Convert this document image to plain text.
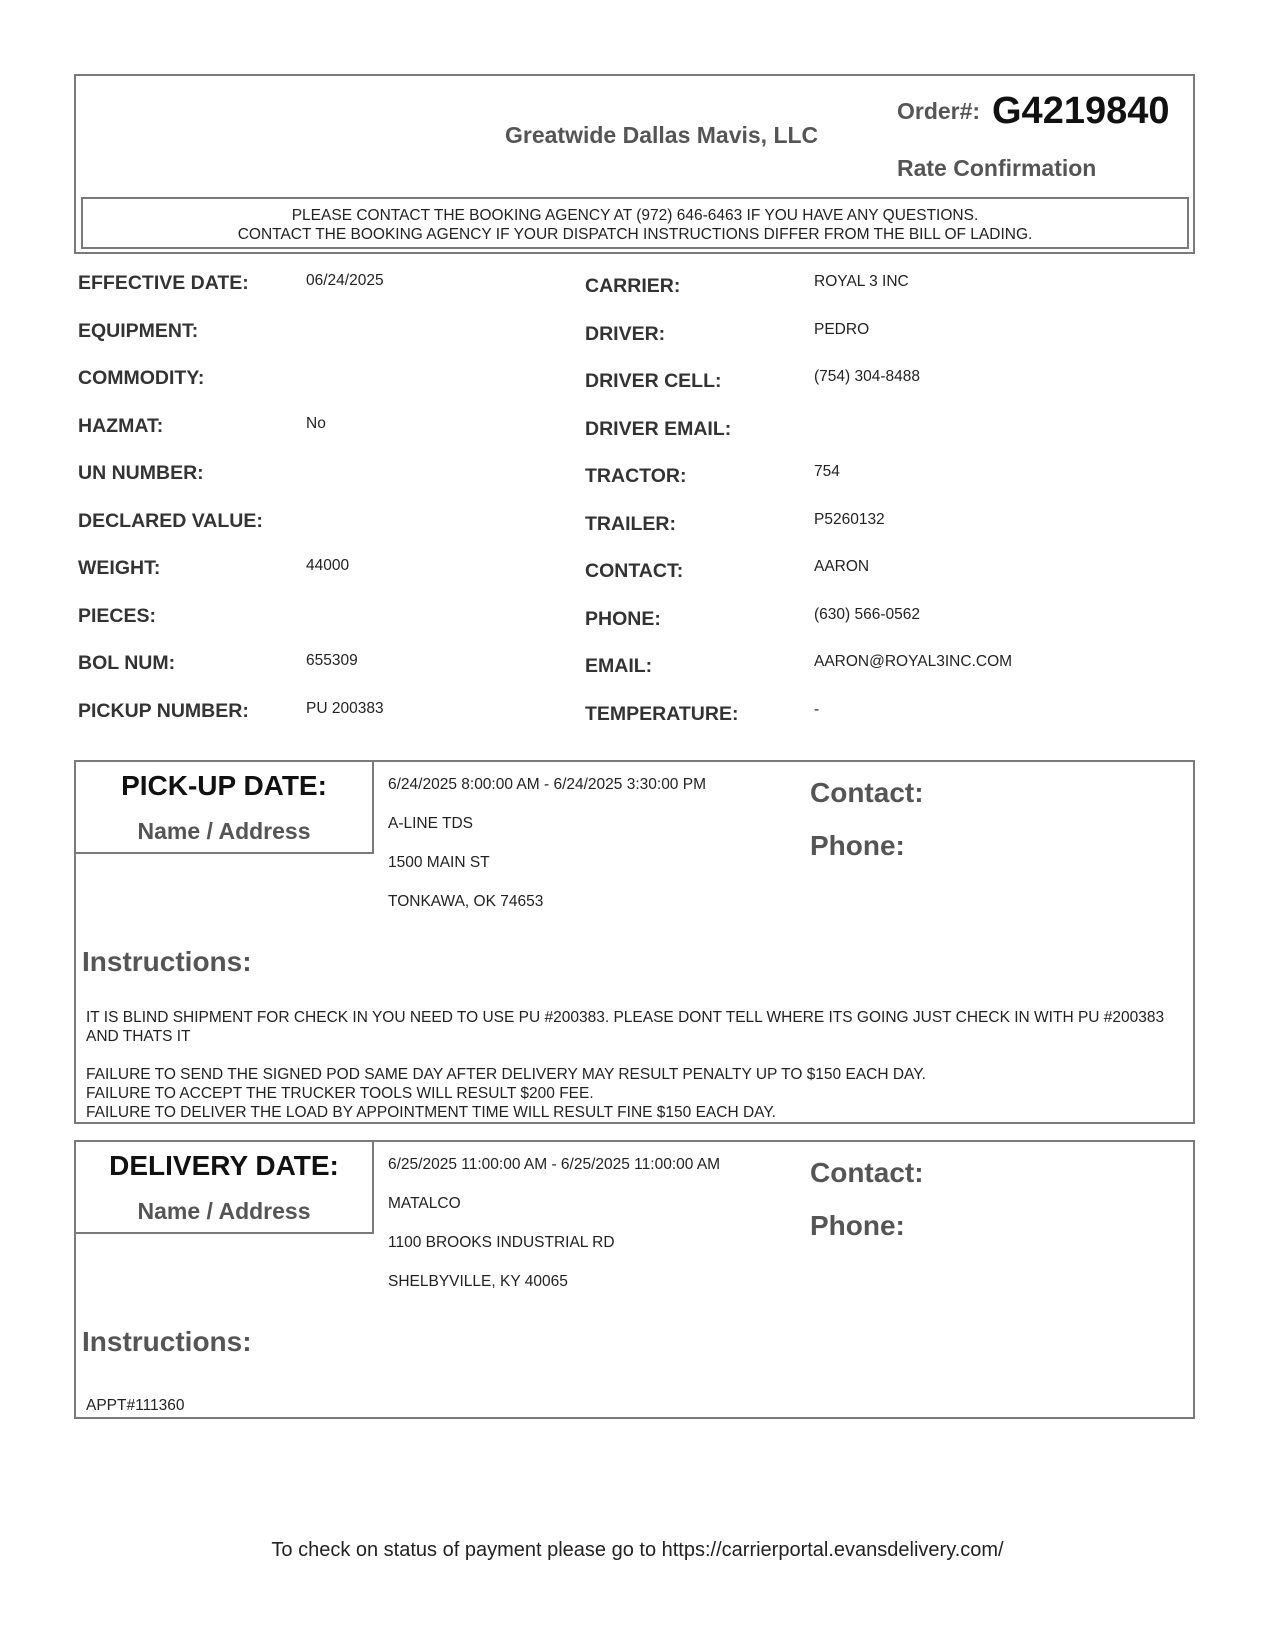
Greatwide Dallas Mavis, LLC
Order#: G4219840
Rate Confirmation
PLEASE CONTACT THE BOOKING AGENCY AT (972) 646-6463 IF YOU HAVE ANY QUESTIONS.
CONTACT THE BOOKING AGENCY IF YOUR DISPATCH INSTRUCTIONS DIFFER FROM THE BILL OF LADING.
EFFECTIVE DATE:	06/24/2025
EQUIPMENT:
COMMODITY:
HAZMAT:	No
UN NUMBER:
DECLARED VALUE:
WEIGHT:	44000
PIECES:
BOL NUM:	655309
PICKUP NUMBER:	PU 200383
CARRIER:	ROYAL 3 INC
DRIVER:	PEDRO
DRIVER CELL:	(754) 304-8488
DRIVER EMAIL:
TRACTOR:	754
TRAILER:	P5260132
CONTACT:	AARON
PHONE:	(630) 566-0562
EMAIL:	AARON@ROYAL3INC.COM
TEMPERATURE:	-
PICK-UP DATE:
Name / Address
6/24/2025 8:00:00 AM - 6/24/2025 3:30:00 PM
A-LINE TDS
1500 MAIN ST
TONKAWA, OK 74653
Contact:
Phone:
Instructions:

IT IS BLIND SHIPMENT FOR CHECK IN YOU NEED TO USE PU #200383. PLEASE DONT TELL WHERE ITS GOING JUST CHECK IN WITH PU #200383 AND THATS IT

FAILURE TO SEND THE SIGNED POD SAME DAY AFTER DELIVERY MAY RESULT PENALTY UP TO $150 EACH DAY.

FAILURE TO ACCEPT THE TRUCKER TOOLS WILL RESULT $200 FEE.

FAILURE TO DELIVER THE LOAD BY APPOINTMENT TIME WILL RESULT FINE $150 EACH DAY.

DELIVERY DATE:
Name / Address
6/25/2025 11:00:00 AM - 6/25/2025 11:00:00 AM
MATALCO
1100 BROOKS INDUSTRIAL RD
SHELBYVILLE, KY 40065
Contact:
Phone:
Instructions:

APPT#111360

To check on status of payment please go to https://carrierportal.evansdelivery.com/
